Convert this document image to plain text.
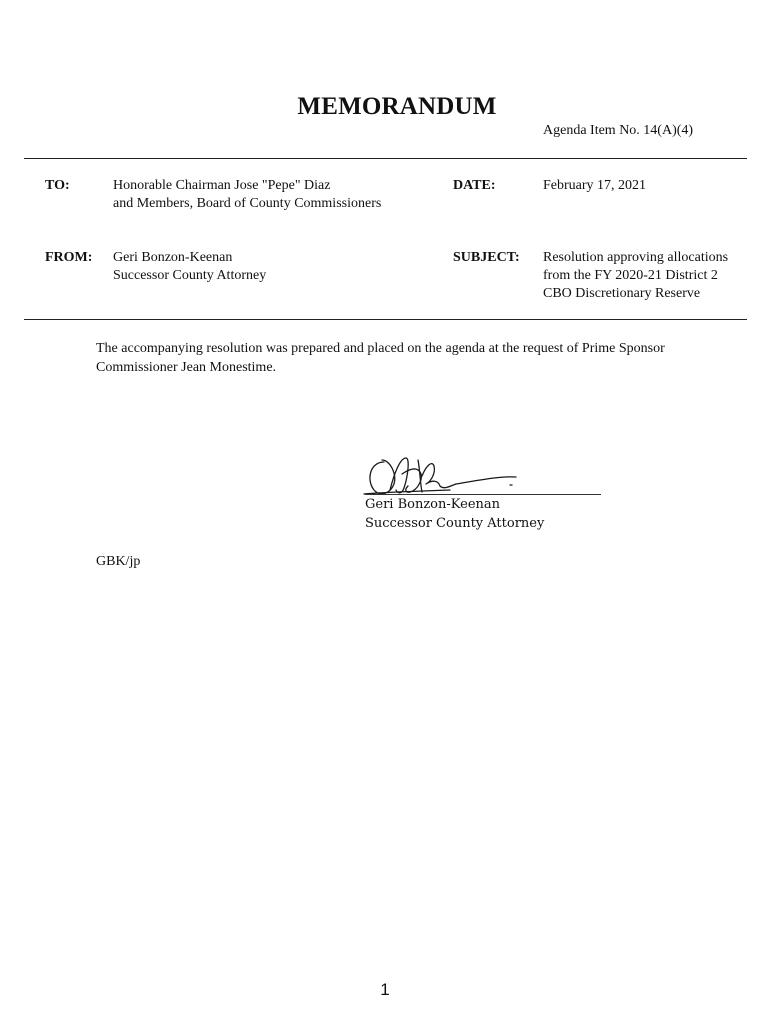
MEMORANDUM
Agenda Item No. 14(A)(4)
TO:	Honorable Chairman Jose "Pepe" Diaz
and Members, Board of County Commissioners
DATE:	February 17, 2021
FROM: Geri Bonzon-Keenan
Successor County Attorney
SUBJECT: Resolution approving allocations
from the FY 2020-21 District 2
CBO Discretionary Reserve
The accompanying resolution was prepared and placed on the agenda at the request of Prime Sponsor
Commissioner Jean Monestime.
Geri Bonzon-Keenan
Successor County Attorney
GBK/jp
1
